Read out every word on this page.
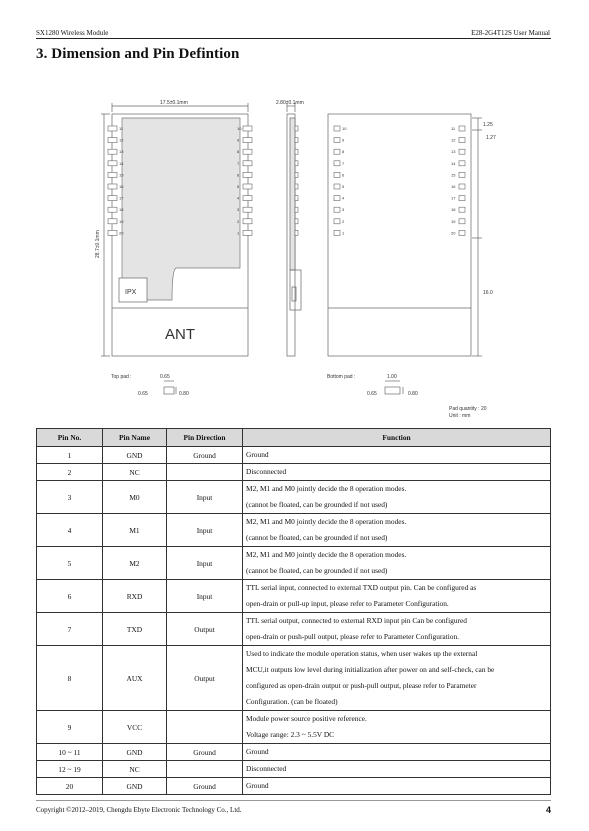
SX1280 Wireless Module	E28-2G4T12S User Manual
3. Dimension and Pin Defintion
11	10	10	11
12	9	9	12
13	8	8	13
14	7	7	14
15	6	6	15
16	5	5	16
17	4	4	17
18	3	3	18
19	2	2	19
20	1	1	20
17.5±0.1mm	2.80±0.1mm
28.7±0.1mm
1.25
1.27
16.0
IPX
ANT
Top pad :	0.65
0.65	0.80
Bottom pad :	1.00
0.65	0.80
Pad quantity : 20
Unit : mm
Pin No.	Pin Name	Pin Direction	Function
1	GND	Ground	Ground

2	NC		Disconnected

3	M0	Input	M2, M1 and M0 jointly decide the 8 operation modes.
(cannot be floated, can be grounded if not used)

4	M1	Input	M2, M1 and M0 jointly decide the 8 operation modes.
(cannot be floated, can be grounded if not used)

5	M2	Input	M2, M1 and M0 jointly decide the 8 operation modes.
(cannot be floated, can be grounded if not used)

6	RXD	Input	TTL serial input, connected to external TXD output pin. Can be configured as
open-drain or pull-up input, please refer to Parameter Configuration.

7	TXD	Output	TTL serial output, connected to external RXD input pin Can be configured
open-drain or push-pull output, please refer to Parameter Configuration.

8	AUX	Output	Used to indicate the module operation status, when user wakes up the external
MCU,it outputs low level during initialization after power on and self-check, can be
configured as open-drain output or push-pull output, please refer to Parameter
Configuration. (can be floated)

9	VCC		Module power source positive reference.
Voltage range: 2.3 ~ 5.5V DC

10 ~ 11	GND	Ground	Ground

12 ~ 19	NC		Disconnected

20	GND	Ground	Ground
Copyright ©2012–2019, Chengdu Ebyte Electronic Technology Co., Ltd.	4
